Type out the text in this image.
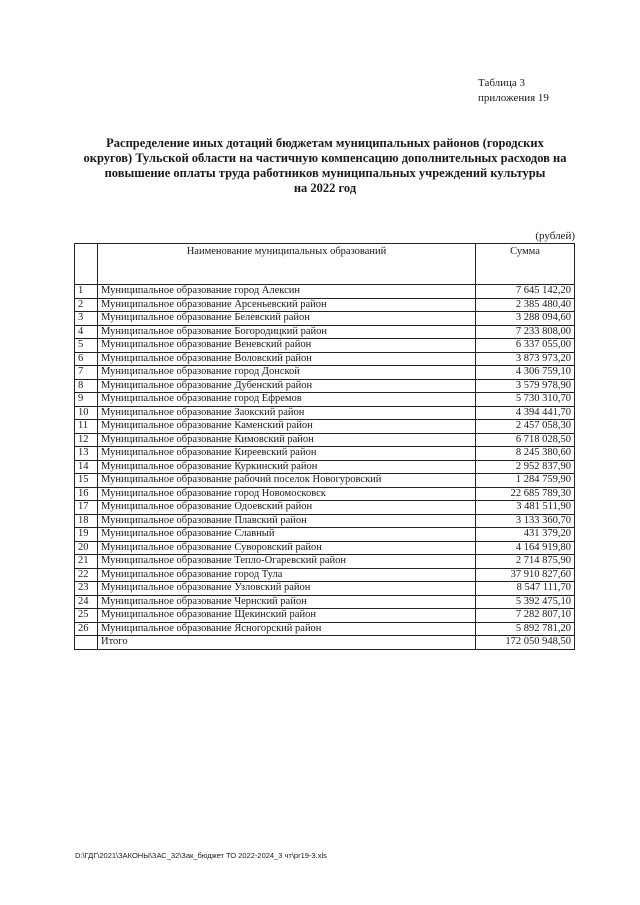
Таблица 3
приложения 19
Распределение иных дотаций бюджетам муниципальных районов (городских
округов) Тульской области на частичную компенсацию дополнительных расходов на
повышение оплаты труда работников муниципальных учреждений культуры
на 2022 год
(рублей)
	Наименование муниципальных образований	Сумма
1	Муниципальное образование город Алексин	7 645 142,20
2	Муниципальное образование Арсеньевский район	2 385 480,40
3	Муниципальное образование Белевский район	3 288 094,60
4	Муниципальное образование Богородицкий район	7 233 808,00
5	Муниципальное образование Веневский район	6 337 055,00
6	Муниципальное образование Воловский район	3 873 973,20
7	Муниципальное образование город Донской	4 306 759,10
8	Муниципальное образование Дубенский район	3 579 978,90
9	Муниципальное образование город Ефремов	5 730 310,70
10	Муниципальное образование Заокский район	4 394 441,70
11	Муниципальное образование Каменский район	2 457 058,30
12	Муниципальное образование Кимовский район	6 718 028,50
13	Муниципальное образование Киреевский район	8 245 380,60
14	Муниципальное образование Куркинский район	2 952 837,90
15	Муниципальное образование рабочий поселок Новогуровский	1 284 759,90
16	Муниципальное образование город Новомосковск	22 685 789,30
17	Муниципальное образование Одоевский район	3 481 511,90
18	Муниципальное образование Плавский район	3 133 360,70
19	Муниципальное образование Славный	431 379,20
20	Муниципальное образование Суворовский район	4 164 919,80
21	Муниципальное образование Тепло-Огаревский район	2 714 875,90
22	Муниципальное образование город Тула	37 910 827,60
23	Муниципальное образование Узловский район	8 547 111,70
24	Муниципальное образование Чернский район	5 392 475,10
25	Муниципальное образование Щекинский район	7 282 807,10
26	Муниципальное образование Ясногорский район	5 892 781,20
	Итого	172 050 948,50
D:\ГДГ\2021\ЗАКОНЫ\ЗАС_32\Зак_бюджет ТО 2022-2024_3 чт\pr19-3.xls
